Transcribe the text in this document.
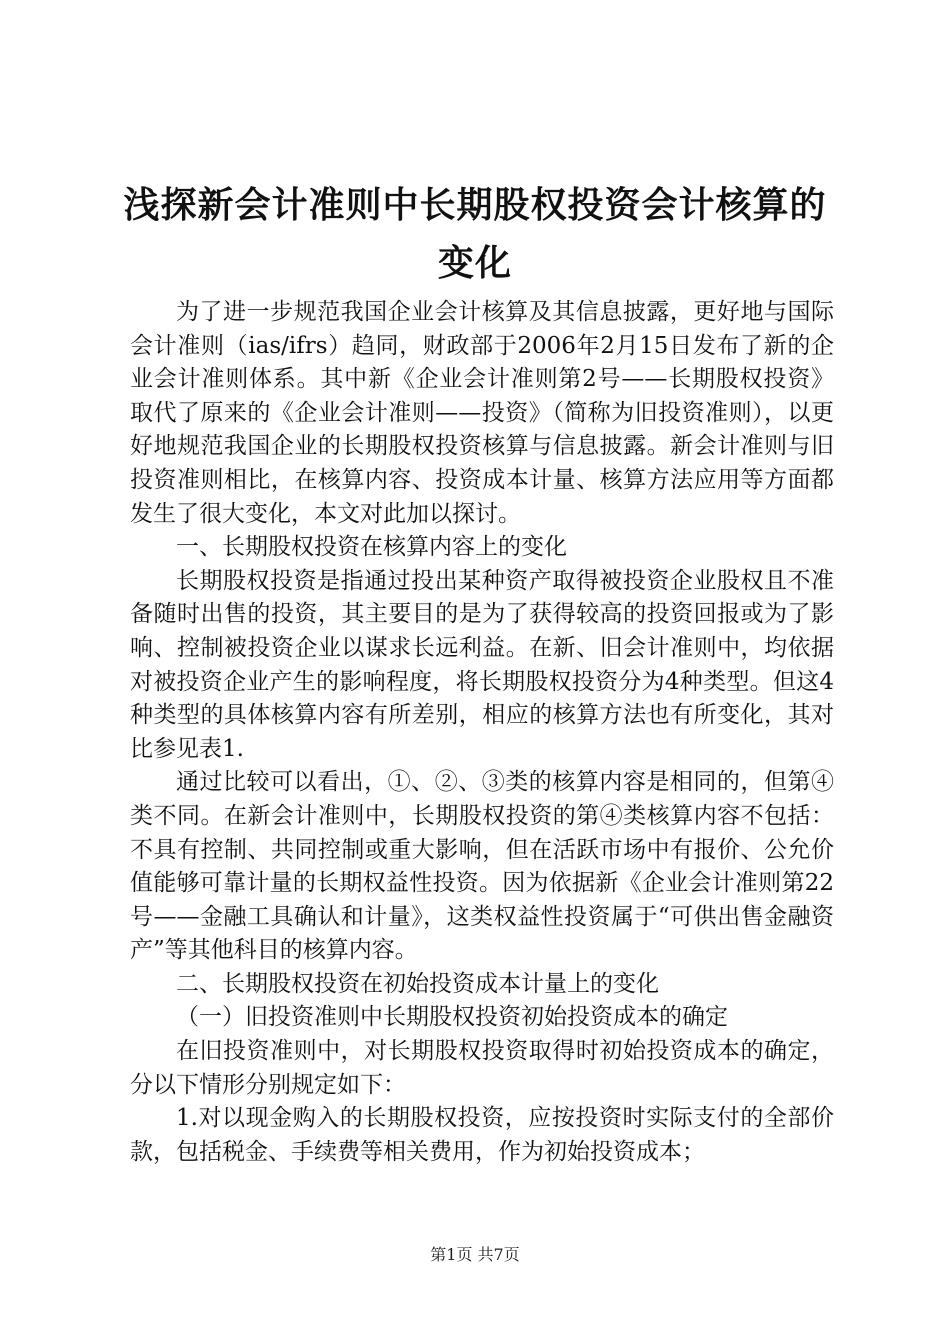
浅探新会计准则中长期股权投资会计核算的变化

为了进一步规范我国企业会计核算及其信息披露，更好地与国际会计准则（ias/ifrs）趋同，财政部于2006年2月15日发布了新的企业会计准则体系。其中新《企业会计准则第2号——长期股权投资》取代了原来的《企业会计准则——投资》（简称为旧投资准则），以更好地规范我国企业的长期股权投资核算与信息披露。新会计准则与旧投资准则相比，在核算内容、投资成本计量、核算方法应用等方面都发生了很大变化，本文对此加以探讨。

一、长期股权投资在核算内容上的变化

长期股权投资是指通过投出某种资产取得被投资企业股权且不准备随时出售的投资，其主要目的是为了获得较高的投资回报或为了影响、控制被投资企业以谋求长远利益。在新、旧会计准则中，均依据对被投资企业产生的影响程度，将长期股权投资分为4种类型。但这4种类型的具体核算内容有所差别，相应的核算方法也有所变化，其对比参见表1.

通过比较可以看出，①、②、③类的核算内容是相同的，但第④类不同。在新会计准则中，长期股权投资的第④类核算内容不包括：不具有控制、共同控制或重大影响，但在活跃市场中有报价、公允价值能够可靠计量的长期权益性投资。因为依据新《企业会计准则第22号——金融工具确认和计量》，这类权益性投资属于“可供出售金融资产”等其他科目的核算内容。

二、长期股权投资在初始投资成本计量上的变化

（一）旧投资准则中长期股权投资初始投资成本的确定

在旧投资准则中，对长期股权投资取得时初始投资成本的确定，分以下情形分别规定如下：

1.对以现金购入的长期股权投资，应按投资时实际支付的全部价款，包括税金、手续费等相关费用，作为初始投资成本；

第1页 共7页
